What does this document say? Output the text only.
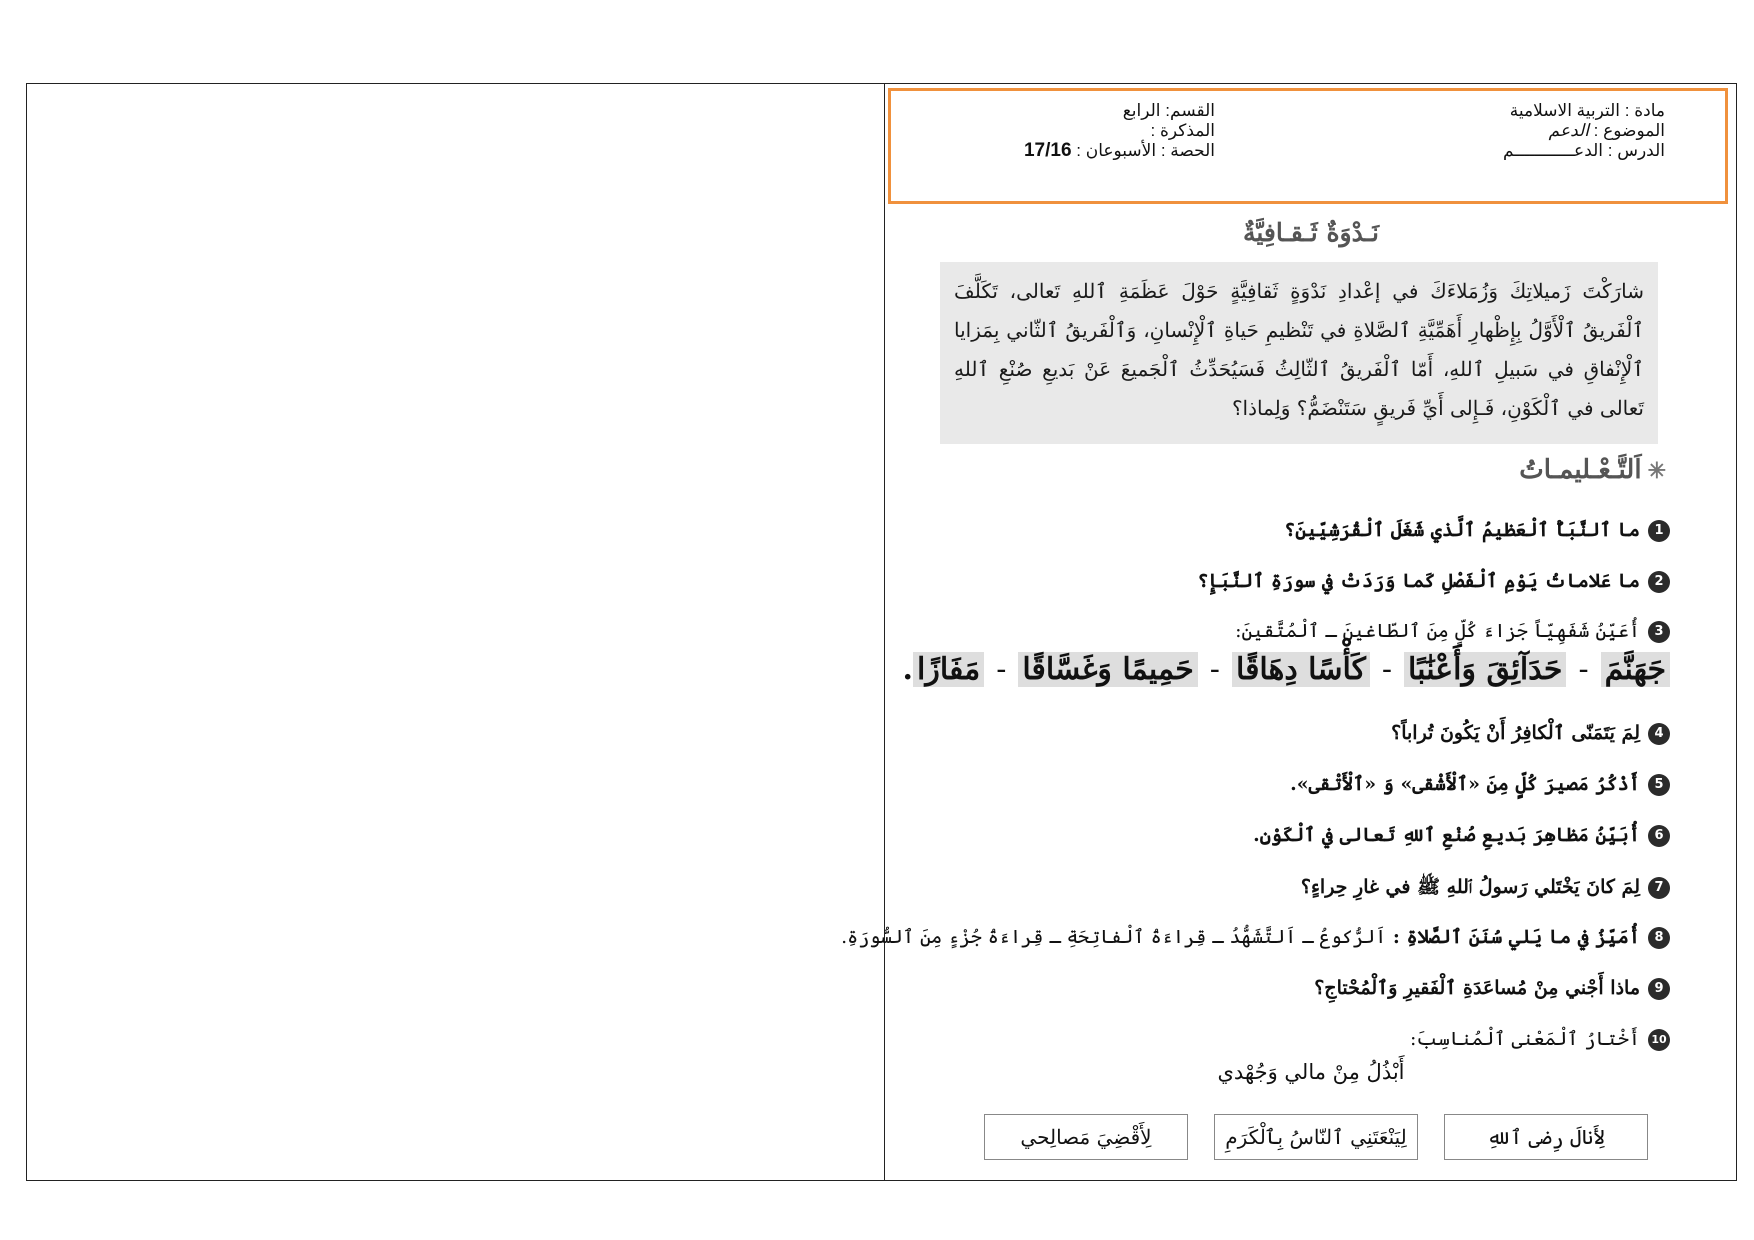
مادة : التربية الاسلامية
الموضوع : الدعم
الدرس : الدعــــــــــــم
القسم: الرابع
المذكرة :
الحصة : الأسبوعان : 17/16
نَـدْوَةٌ ثَـقـافِيَّةٌ
شارَكْتَ زَميلاتِكَ وَزُمَلاءَكَ في إعْدادِ نَدْوَةٍ ثَقافِيَّةٍ حَوْلَ عَظَمَةِ ٱللهِ تَعالى، تَكَلَّفَ ٱلْفَريقُ ٱلْأَوَّلُ بِإِظْهارِ أَهَمِّيَّةِ ٱلصَّلاةِ في تَنْظيمِ حَياةِ ٱلْإِنْسانِ، وَٱلْفَريقُ ٱلثّاني بِمَزايا ٱلْإِنْفاقِ في سَبيلِ ٱللهِ، أَمّا ٱلْفَريقُ ٱلثّالِثُ فَسَيُحَدِّثُ ٱلْجَميعَ عَنْ بَديعِ صُنْعِ ٱللهِ تَعالى في ٱلْكَوْنِ، فَـإِلى أَيِّ فَريقٍ سَتَنْضَمُّ؟ وَلِماذا؟
✳اَلتَّـعْـليمـاتُ
1ما ٱلنَّبَأُ ٱلْعَظيمُ ٱلَّذي شَغَلَ ٱلْقُرَشِيّينَ؟
2ما عَلاماتُ يَوْمِ ٱلْفَصْلِ كَما وَرَدَتْ في سورَةِ ٱلنَّبَإِ؟
3أُعَيِّنُ شَفَهِيّاً جَزاءَ كُلٍّ مِنَ ٱلطّاغينَ ـ ٱلْمُتَّقينَ:
جَهَنَّمَ-حَدَآئِقَ وَأَعْنَٰبًا-كَأْسًا دِهَاقًا-حَمِيمًا وَغَسَّاقًا-مَفَازًا.
4لِمَ يَتَمَنّى ٱلْكافِرُ أَنْ يَكُونَ تُراباً؟
5أَذْكُرُ مَصيرَ كُلٍّ مِنَ «ٱلْأَشْقى» وَ «ٱلْأَتْقى».
6أُبَيِّنُ مَظاهِرَ بَديعِ صُنْعِ ٱللهِ تَعالى في ٱلْكَوْنِ.
7لِمَ كانَ يَخْتَلي رَسولُ ٱللهِ ﷺ في غارِ حِراءٍ؟
8أُمَيِّزُ في ما يَلي سُنَنَ ٱلصَّلاةِ : اَلرُّكوعُ ـ اَلتَّشَهُّدُ ـ قِراءَةُ ٱلْفاتِحَةِ ـ قِراءَةُ جُزْءٍ مِنَ ٱلسُّورَةِ.
9ماذا أَجْني مِنْ مُساعَدَةِ ٱلْفَقيرِ وَٱلْمُحْتاجِ؟
10أَخْتارُ ٱلْمَعْنى ٱلْمُناسِبَ:
أَبْذُلُ مِنْ مالي وَجُهْدي
لِأَنالَ رِضى ٱللهِ
لِيَنْعَتَنِي ٱلنّاسُ بِٱلْكَرَمِ
لِأَقْضِيَ مَصالِحي
